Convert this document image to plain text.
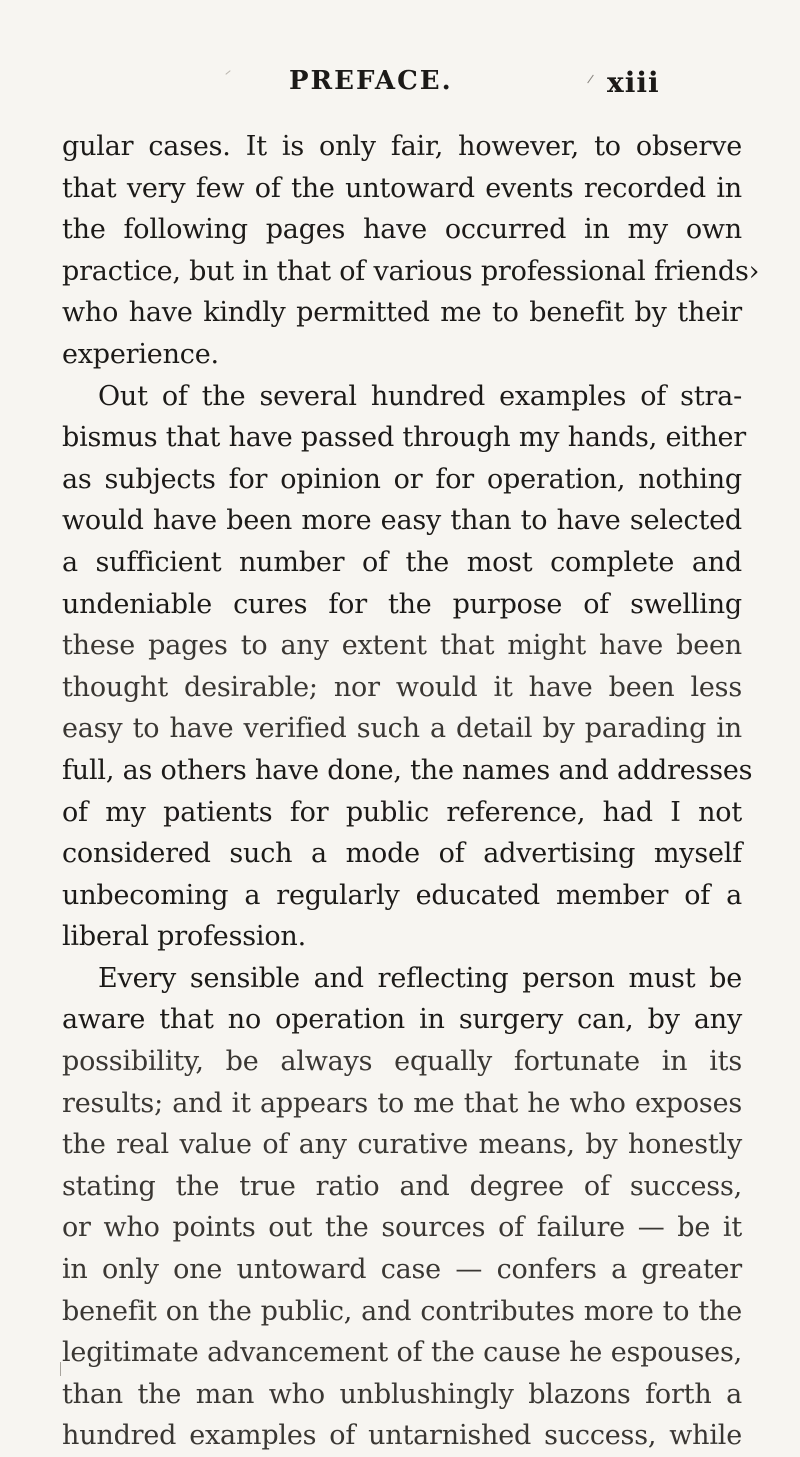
PREFACE.	xiii
gular cases. It is only fair, however, to observe
that very few of the untoward events recorded in
the following pages have occurred in my own
practice, but in that of various professional friends›
who have kindly permitted me to benefit by their
experience.
Out of the several hundred examples of stra-
bismus that have passed through my hands, either
as subjects for opinion or for operation, nothing
would have been more easy than to have selected
a sufficient number of the most complete and
undeniable cures for the purpose of swelling
these pages to any extent that might have been
thought desirable; nor would it have been less
easy to have verified such a detail by parading in
full, as others have done, the names and addresses
of my patients for public reference, had I not
considered such a mode of advertising myself
unbecoming a regularly educated member of a
liberal profession.
Every sensible and reflecting person must be
aware that no operation in surgery can, by any
possibility, be always equally fortunate in its
results; and it appears to me that he who exposes
the real value of any curative means, by honestly
stating the true ratio and degree of success,
or who points out the sources of failure — be it
in only one untoward case — confers a greater
benefit on the public, and contributes more to the
legitimate advancement of the cause he espouses,
than the man who unblushingly blazons forth a
hundred examples of untarnished success, while
